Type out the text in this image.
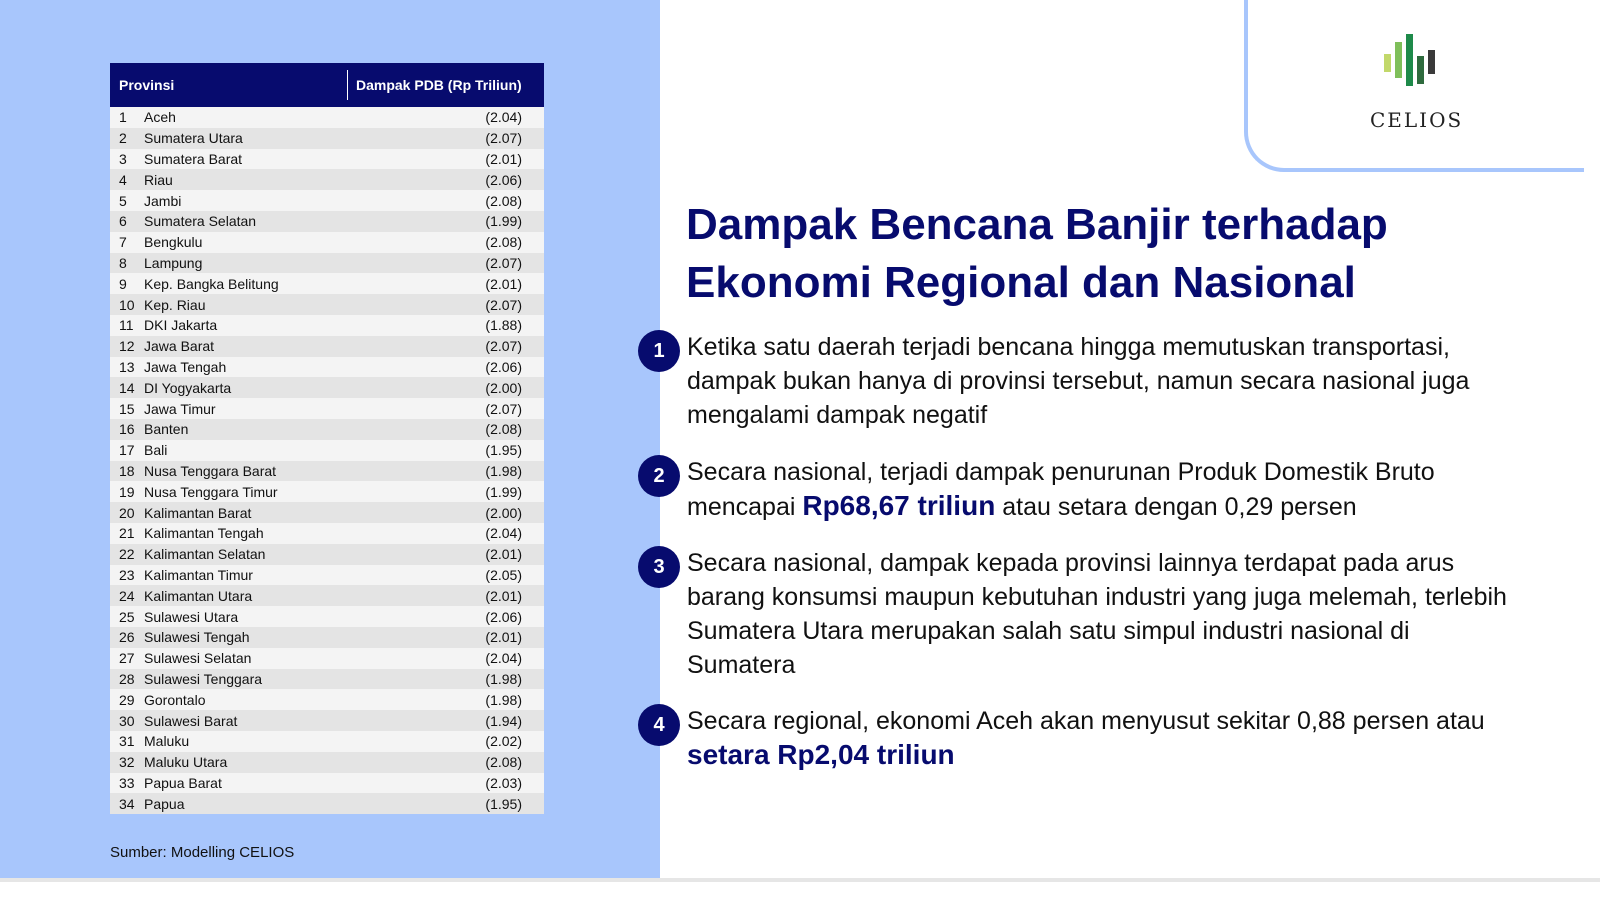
Provinsi	Dampak PDB (Rp Triliun)
1	Aceh	(2.04)
2	Sumatera Utara	(2.07)
3	Sumatera Barat	(2.01)
4	Riau	(2.06)
5	Jambi	(2.08)
6	Sumatera Selatan	(1.99)
7	Bengkulu	(2.08)
8	Lampung	(2.07)
9	Kep. Bangka Belitung	(2.01)
10 Kep. Riau	(2.07)
11 DKI Jakarta	(1.88)
12 Jawa Barat	(2.07)
13 Jawa Tengah	(2.06)
14 DI Yogyakarta	(2.00)
15 Jawa Timur	(2.07)
16 Banten	(2.08)
17 Bali	(1.95)
18 Nusa Tenggara Barat	(1.98)
19 Nusa Tenggara Timur	(1.99)
20 Kalimantan Barat	(2.00)
21 Kalimantan Tengah	(2.04)
22 Kalimantan Selatan	(2.01)
23 Kalimantan Timur	(2.05)
24 Kalimantan Utara	(2.01)
25 Sulawesi Utara	(2.06)
26 Sulawesi Tengah	(2.01)
27 Sulawesi Selatan	(2.04)
28 Sulawesi Tenggara	(1.98)
29 Gorontalo	(1.98)
30 Sulawesi Barat	(1.94)
31 Maluku	(2.02)
32 Maluku Utara	(2.08)
33 Papua Barat	(2.03)
34 Papua	(1.95)
Sumber: Modelling CELIOS
CELIOS
Dampak Bencana Banjir terhadap
Ekonomi Regional dan Nasional
1 Ketika satu daerah terjadi bencana hingga memutuskan transportasi, dampak bukan hanya di provinsi tersebut, namun secara nasional juga mengalami dampak negatif
2 Secara nasional, terjadi dampak penurunan Produk Domestik Bruto mencapai Rp68,67 triliun atau setara dengan 0,29 persen
3 Secara nasional, dampak kepada provinsi lainnya terdapat pada arus barang konsumsi maupun kebutuhan industri yang juga melemah, terlebih Sumatera Utara merupakan salah satu simpul industri nasional di Sumatera
4 Secara regional, ekonomi Aceh akan menyusut sekitar 0,88 persen atau setara Rp2,04 triliun
